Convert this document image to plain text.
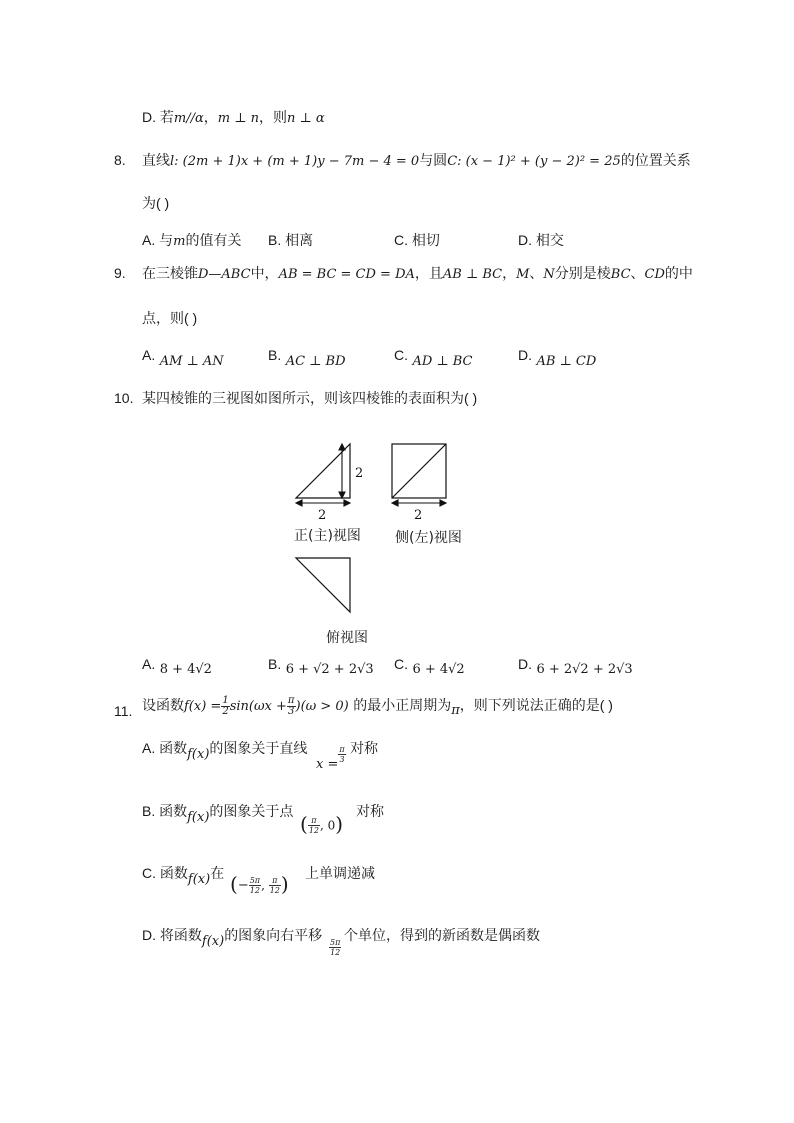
D. 若m//α，m ⊥ n，则n ⊥ α
8. 直线l: (2m + 1)x + (m + 1)y − 7m − 4 = 0与圆C: (x − 1)² + (y − 2)² = 25的位置关系
为( )
A. 与m的值有关 B. 相离	C. 相切	D. 相交
9. 在三棱锥D—ABC中，AB = BC = CD = DA，且AB ⊥ BC，M、N分别是棱BC、CD的中
点，则( )
A. AM ⊥ AN	B. AC ⊥ BD	C. AD ⊥ BC	D. AB ⊥ CD
10. 某四棱锥的三视图如图所示，则该四棱锥的表面积为( )
2
2	2
正(主)视图 侧(左)视图
俯视图
A. 8 + 4√2	B. 6 + √2 + 2√3 C. 6 + 4√2	D. 6 + 2√2 + 2√3
11. 设函数$f(x) = \frac{1}{2} \sin(\omega x + \frac{\pi}{3} )(\omega > 0)$ 的最小正周期为π，则下列说法正确的是( )
A. 函数f(x)的图象关于直线
$x = \frac{\pi}{3}$ 对称
B. 函数f(x)的图象关于点
( $\frac{\pi}{12}$ , 0)
对称
C. 函数f(x)在 (− $\frac{5\pi}{12}$ , $\frac{\pi}{12}$ ) 上单调递减
D. 将函数f(x)的图象向右平移
$\frac{5\pi}{12}$
个单位，得到的新函数是偶函数
